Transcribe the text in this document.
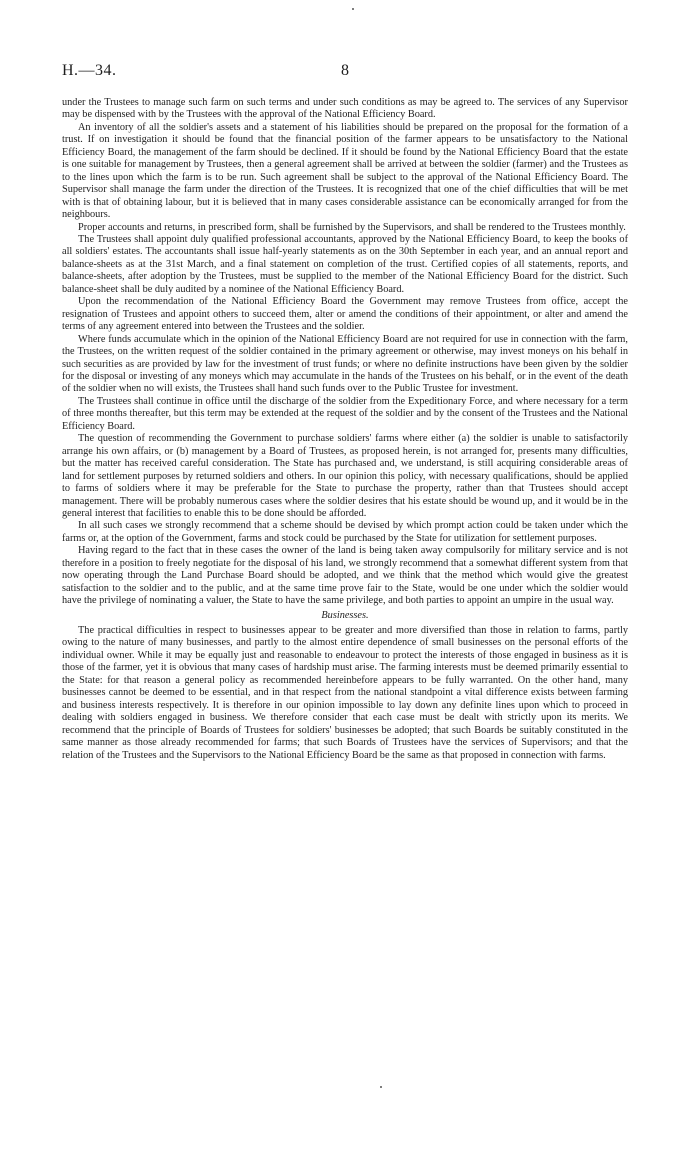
H.—34.	8

under the Trustees to manage such farm on such terms and under such conditions as may be agreed to. The services of any Supervisor may be dispensed with by the Trustees with the approval of the National Efficiency Board.

An inventory of all the soldier's assets and a statement of his liabilities should be prepared on the proposal for the formation of a trust. If on investigation it should be found that the financial position of the farmer appears to be unsatisfactory to the National Efficiency Board, the management of the farm should be declined. If it should be found by the National Efficiency Board that the estate is one suitable for management by Trustees, then a general agreement shall be arrived at between the soldier (farmer) and the Trustees as to the lines upon which the farm is to be run. Such agreement shall be subject to the approval of the National Efficiency Board. The Supervisor shall manage the farm under the direction of the Trustees. It is recognized that one of the chief difficulties that will be met with is that of obtaining labour, but it is believed that in many cases considerable assistance can be economically arranged for from the neighbours.

Proper accounts and returns, in prescribed form, shall be furnished by the Supervisors, and shall be rendered to the Trustees monthly.

The Trustees shall appoint duly qualified professional accountants, approved by the National Efficiency Board, to keep the books of all soldiers' estates. The accountants shall issue half-yearly statements as on the 30th September in each year, and an annual report and balance-sheets as at the 31st March, and a final statement on completion of the trust. Certified copies of all statements, reports, and balance-sheets, after adoption by the Trustees, must be supplied to the member of the National Efficiency Board for the district. Such balance-sheet shall be duly audited by a nominee of the National Efficiency Board.

Upon the recommendation of the National Efficiency Board the Government may remove Trustees from office, accept the resignation of Trustees and appoint others to succeed them, alter or amend the conditions of their appointment, or alter and amend the terms of any agreement entered into between the Trustees and the soldier.

Where funds accumulate which in the opinion of the National Efficiency Board are not required for use in connection with the farm, the Trustees, on the written request of the soldier contained in the primary agreement or otherwise, may invest moneys on his behalf in such securities as are provided by law for the investment of trust funds; or where no definite instructions have been given by the soldier for the disposal or investing of any moneys which may accumulate in the hands of the Trustees on his behalf, or in the event of the death of the soldier when no will exists, the Trustees shall hand such funds over to the Public Trustee for investment.

The Trustees shall continue in office until the discharge of the soldier from the Expeditionary Force, and where necessary for a term of three months thereafter, but this term may be extended at the request of the soldier and by the consent of the Trustees and the National Efficiency Board.

The question of recommending the Government to purchase soldiers' farms where either (a) the soldier is unable to satisfactorily arrange his own affairs, or (b) management by a Board of Trustees, as proposed herein, is not arranged for, presents many difficulties, but the matter has received careful consideration. The State has purchased and, we understand, is still acquiring considerable areas of land for settlement purposes by returned soldiers and others. In our opinion this policy, with necessary qualifications, should be applied to farms of soldiers where it may be preferable for the State to purchase the property, rather than that Trustees should accept management. There will be probably numerous cases where the soldier desires that his estate should be wound up, and it would be in the general interest that facilities to enable this to be done should be afforded.

In all such cases we strongly recommend that a scheme should be devised by which prompt action could be taken under which the farms or, at the option of the Government, farms and stock could be purchased by the State for utilization for settlement purposes.

Having regard to the fact that in these cases the owner of the land is being taken away compulsorily for military service and is not therefore in a position to freely negotiate for the disposal of his land, we strongly recommend that a somewhat different system from that now operating through the Land Purchase Board should be adopted, and we think that the method which would give the greatest satisfaction to the soldier and to the public, and at the same time prove fair to the State, would be one under which the soldier would have the privilege of nominating a valuer, the State to have the same privilege, and both parties to appoint an umpire in the usual way.

Businesses.

The practical difficulties in respect to businesses appear to be greater and more diversified than those in relation to farms, partly owing to the nature of many businesses, and partly to the almost entire dependence of small businesses on the personal efforts of the individual owner. While it may be equally just and reasonable to endeavour to protect the interests of those engaged in business as it is those of the farmer, yet it is obvious that many cases of hardship must arise. The farming interests must be deemed primarily essential to the State: for that reason a general policy as recommended hereinbefore appears to be fully warranted. On the other hand, many businesses cannot be deemed to be essential, and in that respect from the national standpoint a vital difference exists between farming and business interests respectively. It is therefore in our opinion impossible to lay down any definite lines upon which to proceed in dealing with soldiers engaged in business. We therefore consider that each case must be dealt with strictly upon its merits. We recommend that the principle of Boards of Trustees for soldiers' businesses be adopted; that such Boards be suitably constituted in the same manner as those already recommended for farms; that such Boards of Trustees have the services of Supervisors; and that the relation of the Trustees and the Supervisors to the National Efficiency Board be the same as that proposed in connection with farms.
